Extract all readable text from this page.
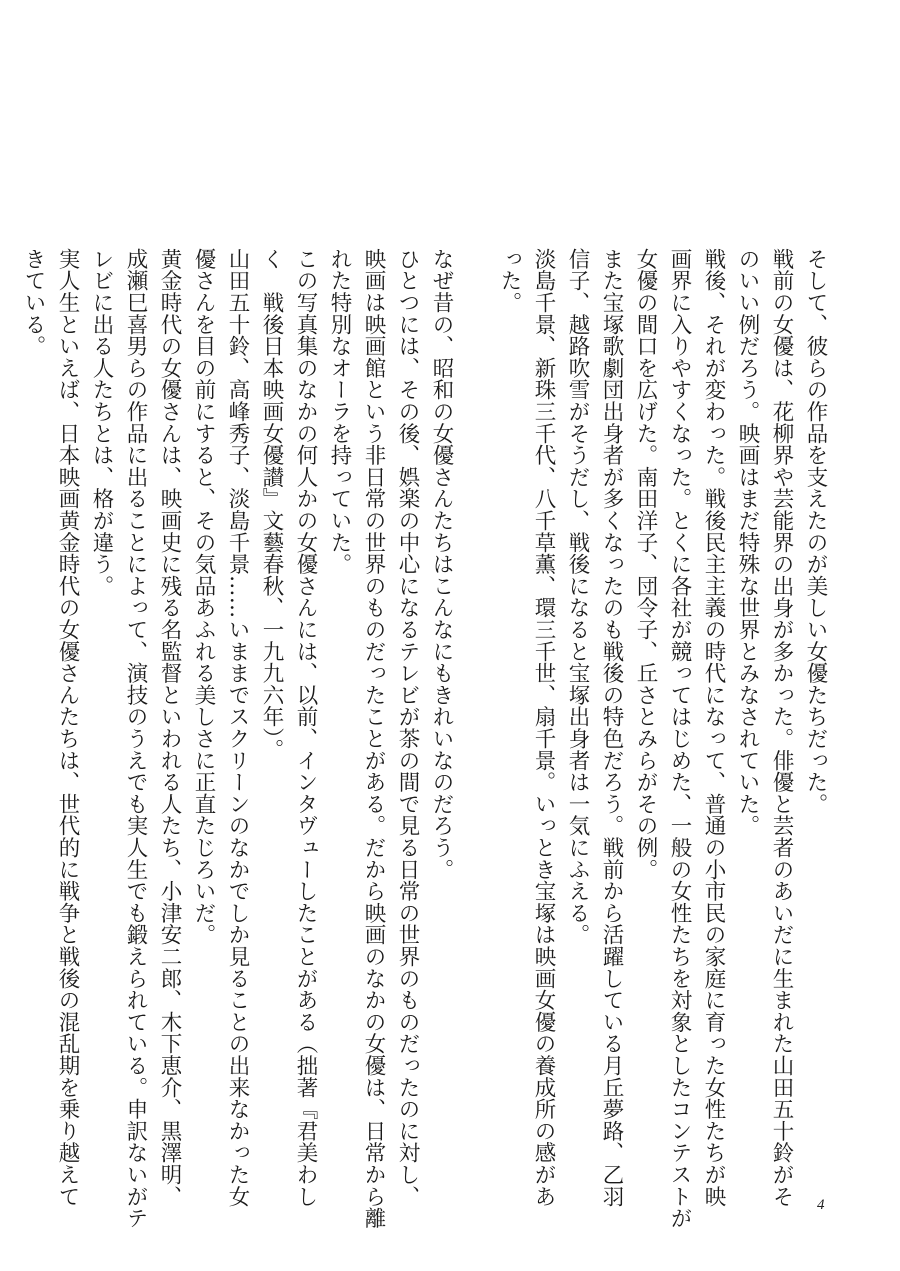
そして、彼らの作品を支えたのが美しい女優たちだった。

戦前の女優は、花柳界や芸能界の出身が多かった。俳優と芸者のあいだに生まれた山田五十鈴がそ

のいい例だろう。映画はまだ特殊な世界とみなされていた。

戦後、それが変わった。戦後民主主義の時代になって、普通の小市民の家庭に育った女性たちが映

画界に入りやすくなった。とくに各社が競ってはじめた、一般の女性たちを対象としたコンテストが

女優の間口を広げた。南田洋子、団令子、丘さとみらがその例。

また宝塚歌劇団出身者が多くなったのも戦後の特色だろう。戦前から活躍している月丘夢路、乙羽

信子、越路吹雪がそうだし、戦後になると宝塚出身者は一気にふえる。

淡島千景、新珠三千代、八千草薫、環三千世、扇千景。いっとき宝塚は映画女優の養成所の感があ

った。

なぜ昔の、昭和の女優さんたちはこんなにもきれいなのだろう。

ひとつには、その後、娯楽の中心になるテレビが茶の間で見る日常の世界のものだったのに対し、

映画は映画館という非日常の世界のものだったことがある。だから映画のなかの女優は、日常から離

れた特別なオーラを持っていた。

この写真集のなかの何人かの女優さんには、以前、インタヴューしたことがある（拙著『君美わし

く　戦後日本映画女優讃』文藝春秋、一九九六年）。

山田五十鈴、高峰秀子、淡島千景……いままでスクリーンのなかでしか見ることの出来なかった女

優さんを目の前にすると、その気品あふれる美しさに正直たじろいだ。

黄金時代の女優さんは、映画史に残る名監督といわれる人たち、小津安二郎、木下恵介、黒澤明、

成瀬巳喜男らの作品に出ることによって、演技のうえでも実人生でも鍛えられている。申訳ないがテ

レビに出る人たちとは、格が違う。

実人生といえば、日本映画黄金時代の女優さんたちは、世代的に戦争と戦後の混乱期を乗り越えて

きている。

4
